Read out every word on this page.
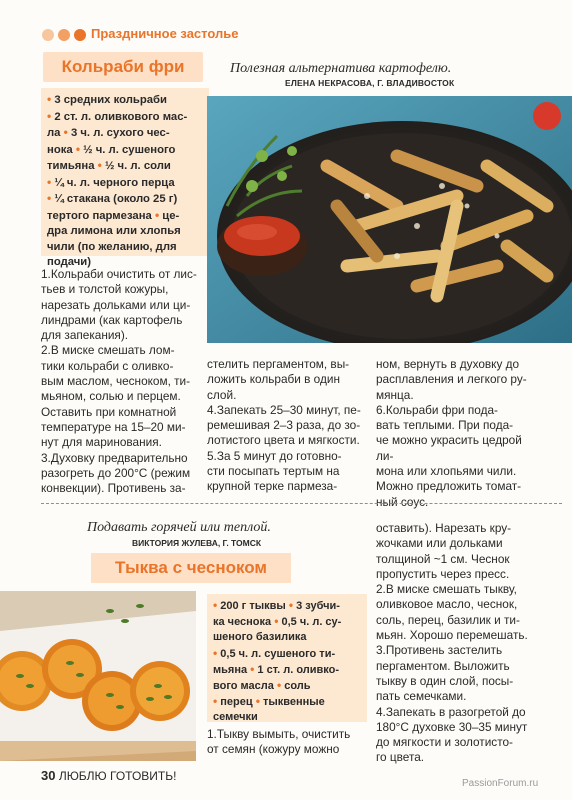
Праздничное застолье
Кольраби фри
• 3 средних кольраби
• 2 ст. л. оливкового мас-
ла • 3 ч. л. сухого чес-
нока • ½ ч. л. сушеного
тимьяна • ½ ч. л. соли
• ¼ ч. л. черного перца
• ¼ стакана (около 25 г)
тертого пармезана • це-
дра лимона или хлопья
чили (по желанию, для
подачи)
Полезная альтернатива картофелю.
ЕЛЕНА НЕКРАСОВА, Г. ВЛАДИВОСТОК
1.Кольраби очистить от лис-
тьев и толстой кожуры,
нарезать дольками или ци-
линдрами (как картофель
для запекания).
2.В миске смешать лом-
тики кольраби с оливко-
вым маслом, чесноком, ти-
мьяном, солью и перцем.
Оставить при комнатной
температуре на 15–20 ми-
нут для маринования.
3.Духовку предварительно
разогреть до 200°С (режим
конвекции). Противень за-
стелить пергаментом, вы-
ложить кольраби в один
слой.
4.Запекать 25–30 минут, пе-
ремешивая 2–3 раза, до зо-
лотистого цвета и мягкости.
5.За 5 минут до готовно-
сти посыпать тертым на
крупной терке пармеза-
ном, вернуть в духовку до
расплавления и легкого ру-
мянца.
6.Кольраби фри пода-
вать теплыми. При пода-
че можно украсить цедрой ли-
мона или хлопьями чили.
Можно предложить томат-
ный соус.
Подавать горячей или теплой.
ВИКТОРИЯ ЖУЛЕВА, Г. ТОМСК
Тыква с чесноком
• 200 г тыквы • 3 зубчи-
ка чеснока • 0,5 ч. л. су-
шеного базилика
• 0,5 ч. л. сушеного ти-
мьяна • 1 ст. л. оливко-
вого масла • соль
• перец • тыквенные
семечки
1.Тыкву вымыть, очистить
от семян (кожуру можно
оставить). Нарезать кру-
жочками или дольками
толщиной ~1 см. Чеснок
пропустить через пресс.
2.В миске смешать тыкву,
оливковое масло, чеснок,
соль, перец, базилик и ти-
мьян. Хорошо перемешать.
3.Противень застелить
пергаментом. Выложить
тыкву в один слой, посы-
пать семечками.
4.Запекать в разогретой до
180°С духовке 30–35 минут
до мягкости и золотисто-
го цвета.
30 ЛЮБЛЮ ГОТОВИТЬ!
PassionForum.ru
